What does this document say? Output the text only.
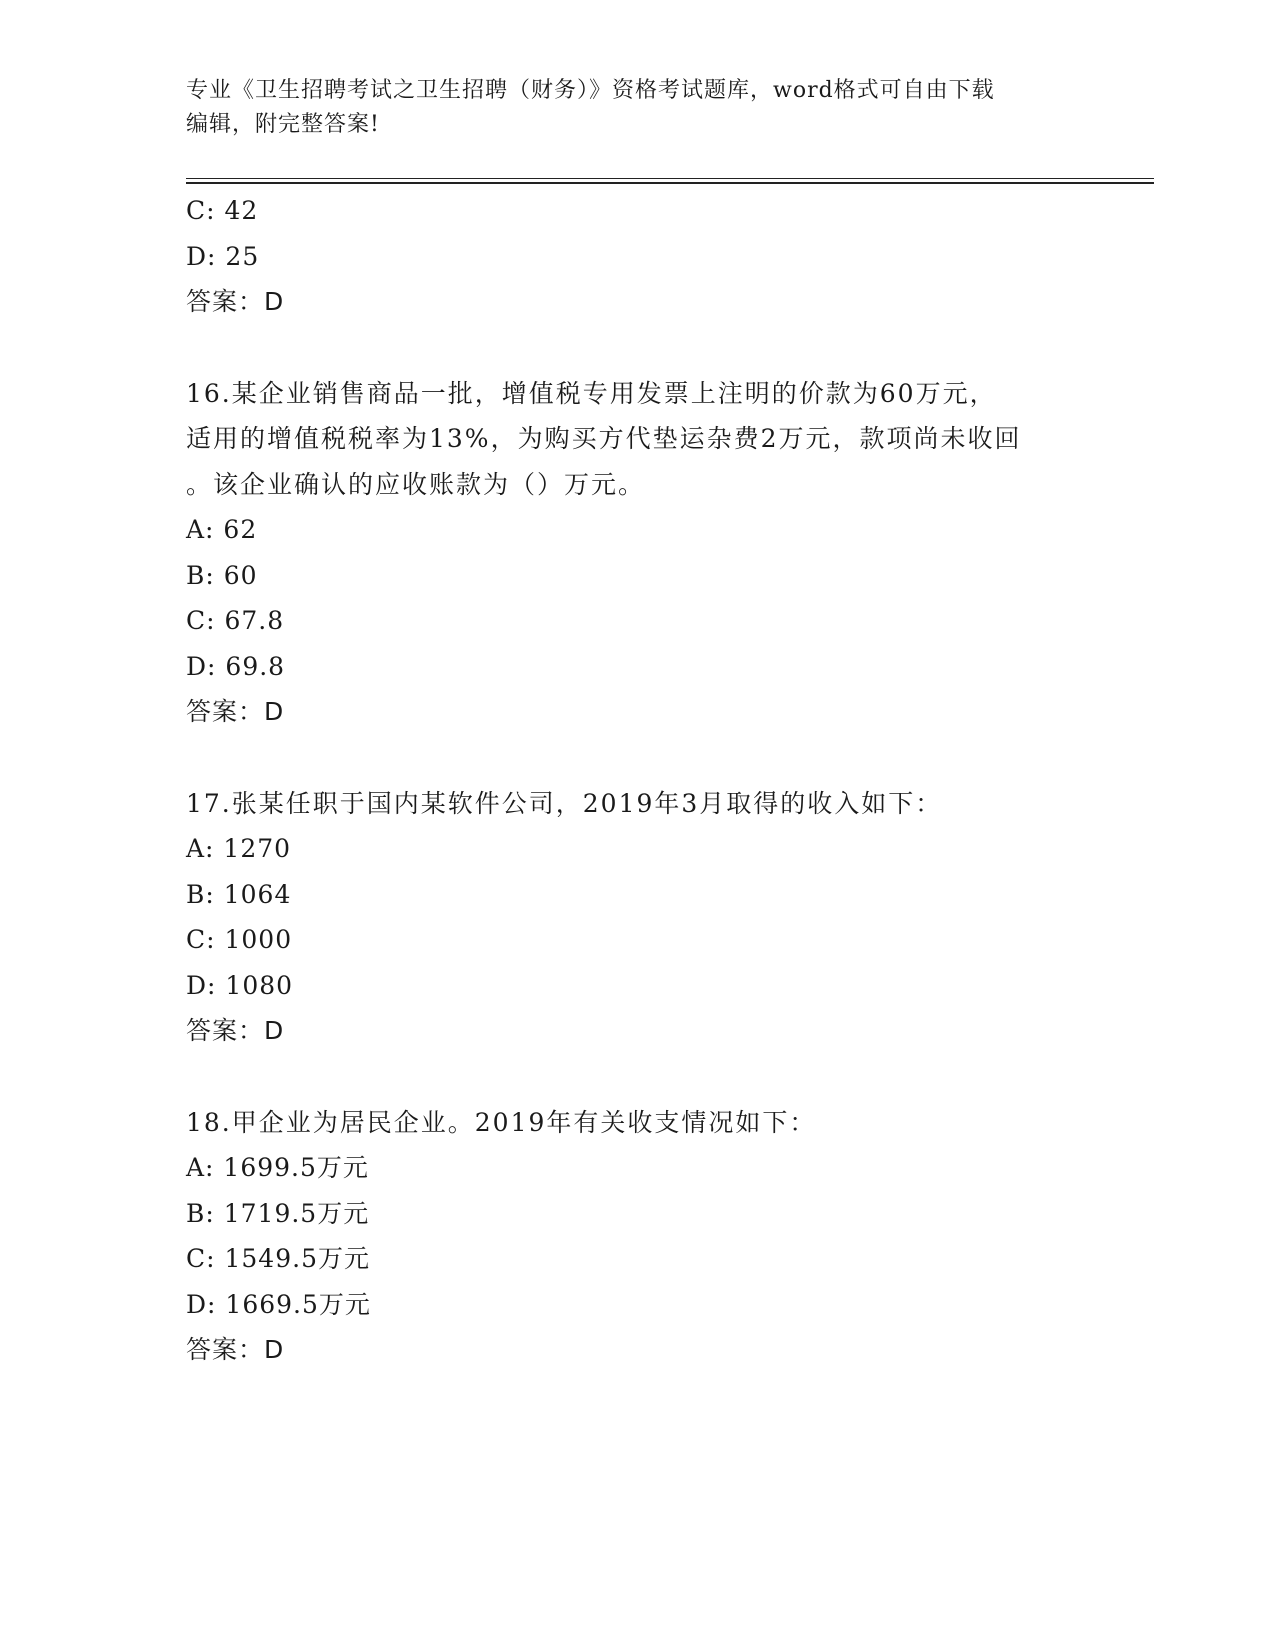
专业《卫生招聘考试之卫生招聘（财务）》资格考试题库，word格式可自由下载
编辑，附完整答案!
C: 42
D: 25
答案：D
16.某企业销售商品一批，增值税专用发票上注明的价款为60万元，
适用的增值税税率为13%，为购买方代垫运杂费2万元，款项尚未收回
。该企业确认的应收账款为（）万元。
A: 62
B: 60
C: 67.8
D: 69.8
答案：D
17.张某任职于国内某软件公司，2019年3月取得的收入如下：
A: 1270
B: 1064
C: 1000
D: 1080
答案：D
18.甲企业为居民企业。2019年有关收支情况如下：
A: 1699.5万元
B: 1719.5万元
C: 1549.5万元
D: 1669.5万元
答案：D
